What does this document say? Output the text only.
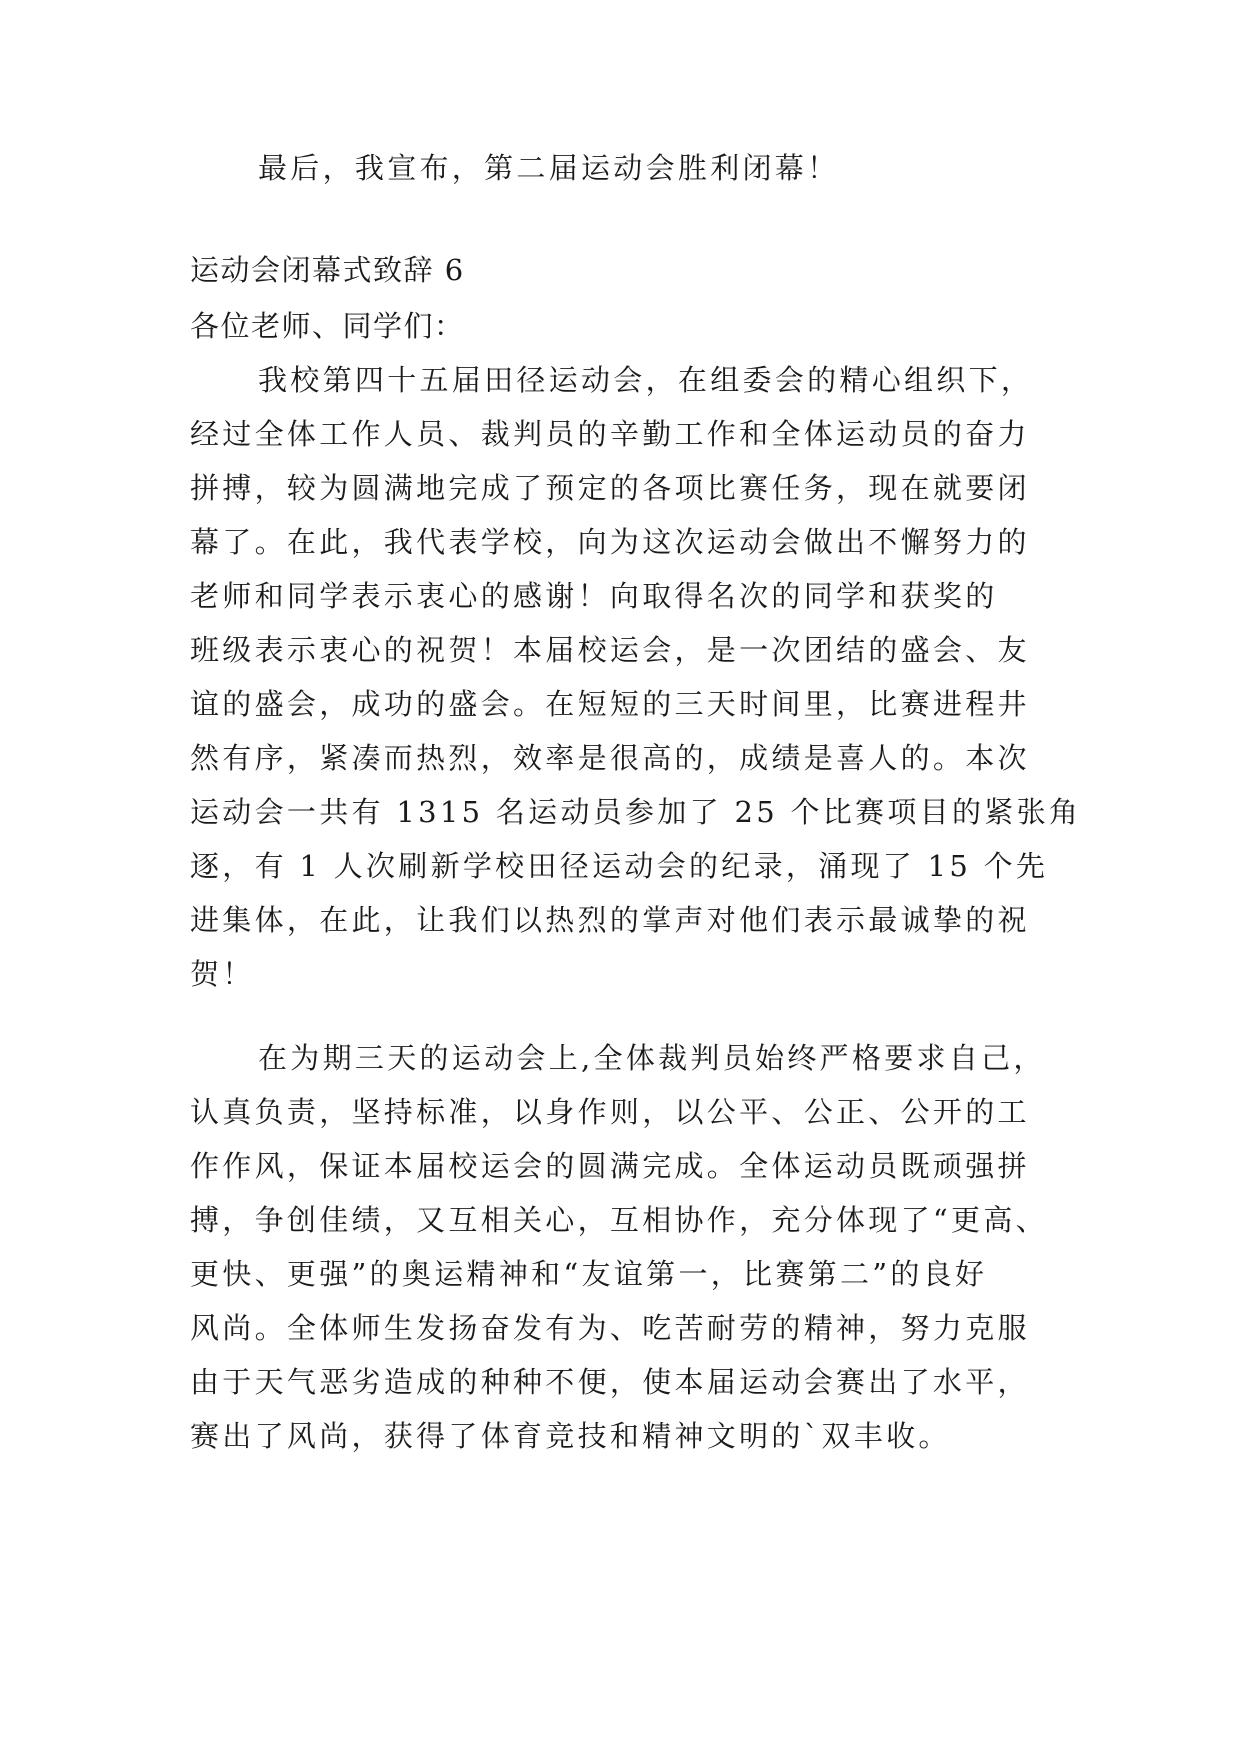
最后，我宣布，第二届运动会胜利闭幕！
运动会闭幕式致辞 6
各位老师、同学们：
我校第四十五届田径运动会，在组委会的精心组织下，
经过全体工作人员、裁判员的辛勤工作和全体运动员的奋力
拼搏，较为圆满地完成了预定的各项比赛任务，现在就要闭
幕了。在此，我代表学校，向为这次运动会做出不懈努力的
老师和同学表示衷心的感谢！向取得名次的同学和获奖的
班级表示衷心的祝贺！本届校运会，是一次团结的盛会、友
谊的盛会，成功的盛会。在短短的三天时间里，比赛进程井
然有序，紧凑而热烈，效率是很高的，成绩是喜人的。本次
运动会一共有 1315 名运动员参加了 25 个比赛项目的紧张角
逐，有 1 人次刷新学校田径运动会的纪录，涌现了 15 个先
进集体，在此，让我们以热烈的掌声对他们表示最诚挚的祝
贺！
在为期三天的运动会上,全体裁判员始终严格要求自己，
认真负责，坚持标准，以身作则，以公平、公正、公开的工
作作风，保证本届校运会的圆满完成。全体运动员既顽强拼
搏，争创佳绩，又互相关心，互相协作，充分体现了“更高、
更快、更强”的奥运精神和“友谊第一，比赛第二”的良好
风尚。全体师生发扬奋发有为、吃苦耐劳的精神，努力克服
由于天气恶劣造成的种种不便，使本届运动会赛出了水平，
赛出了风尚，获得了体育竞技和精神文明的`双丰收。
